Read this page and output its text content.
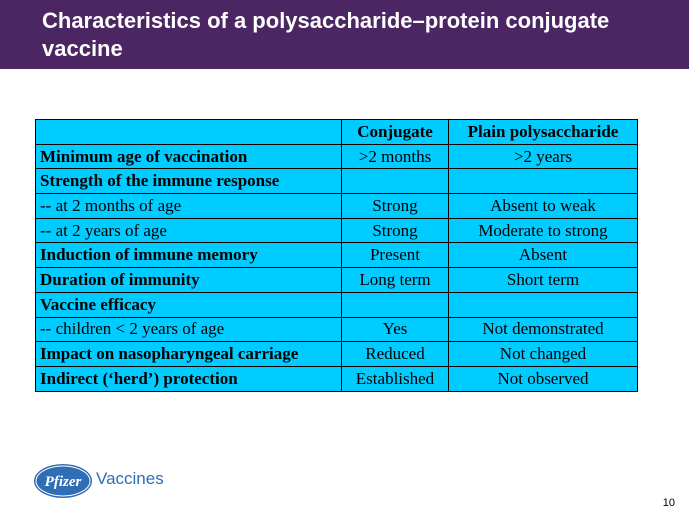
Characteristics of a polysaccharide–protein conjugate vaccine
	Conjugate	Plain polysaccharide
Minimum age of vaccination	>2 months	>2 years
Strength of the immune response		
-- at 2 months of age	Strong	Absent to weak
-- at 2 years of age	Strong	Moderate to strong
Induction of immune memory	Present	Absent
Duration of immunity	Long term	Short term
Vaccine efficacy		
-- children < 2 years of age	Yes	Not demonstrated
Impact on nasopharyngeal carriage	Reduced	Not changed
Indirect (‘herd’) protection	Established	Not observed
Pfizer Vaccines
10
